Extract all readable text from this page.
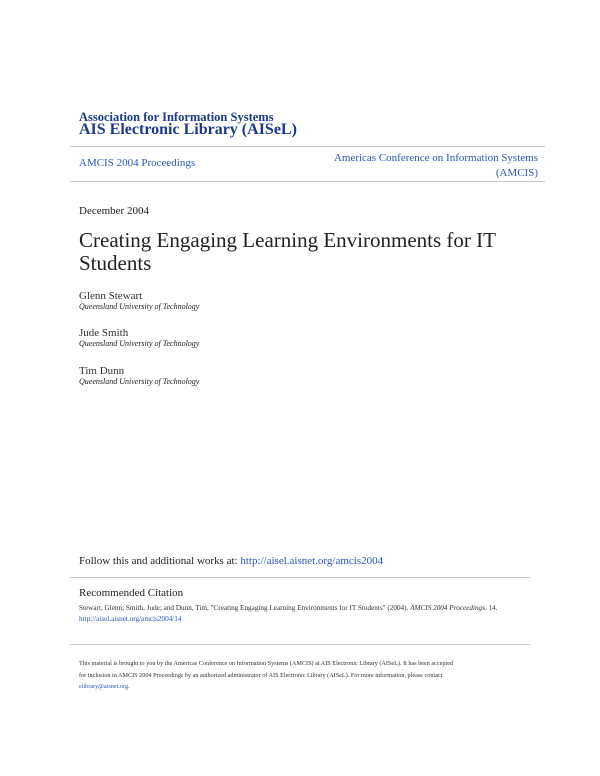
Association for Information Systems
AIS Electronic Library (AISeL)
AMCIS 2004 Proceedings	Americas Conference on Information Systems
(AMCIS)
December 2004
Creating Engaging Learning Environments for IT Students
Glenn Stewart
Queensland University of Technology
Jude Smith
Queensland University of Technology
Tim Dunn
Queensland University of Technology
Follow this and additional works at: http://aisel.aisnet.org/amcis2004
Recommended Citation
Stewart, Glenn; Smith, Jude; and Dunn, Tim, "Creating Engaging Learning Environments for IT Students" (2004). AMCIS 2004 Proceedings. 14.
http://aisel.aisnet.org/amcis2004/14
This material is brought to you by the Americas Conference on Information Systems (AMCIS) at AIS Electronic Library (AISeL). It has been accepted
for inclusion in AMCIS 2004 Proceedings by an authorized administrator of AIS Electronic Library (AISeL). For more information, please contact
elibrary@aisnet.org.
